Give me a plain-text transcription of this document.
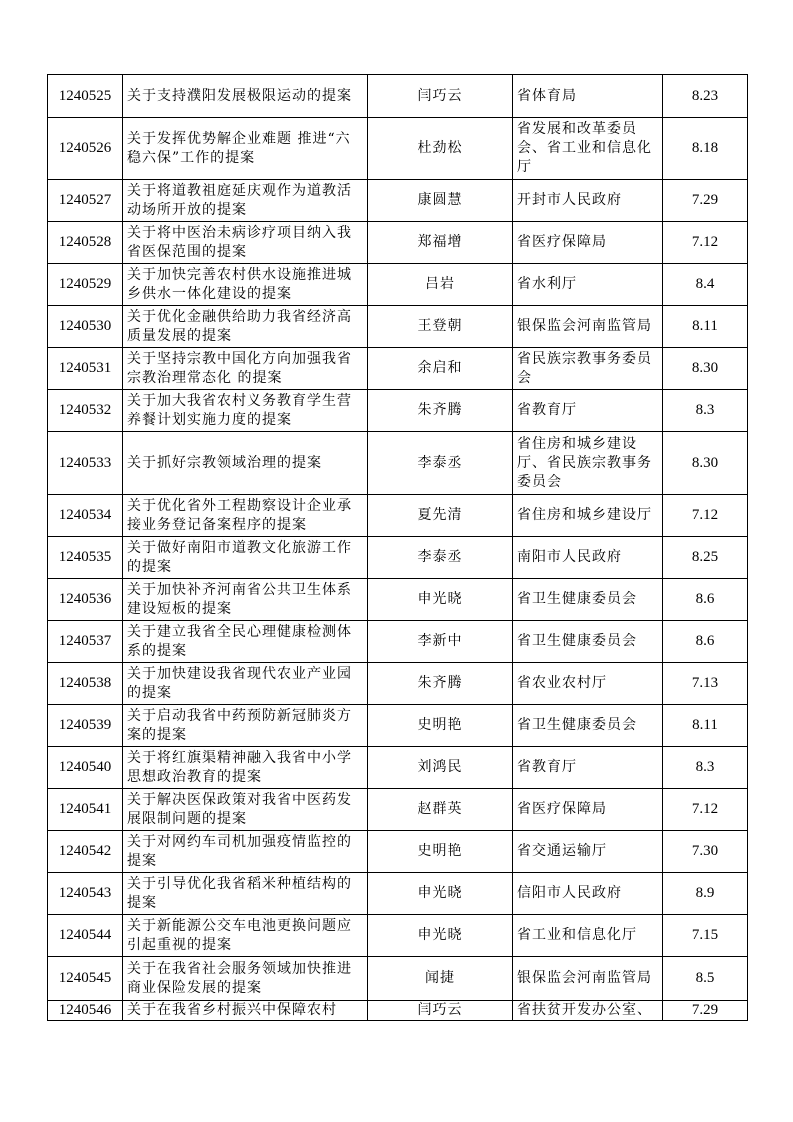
1240525	关于支持濮阳发展极限运动的提案	闫巧云	省体育局	8.23
1240526	关于发挥优势解企业难题 推进“六稳六保”工作的提案	杜劲松	省发展和改革委员会、省工业和信息化厅	8.18
1240527	关于将道教祖庭延庆观作为道教活动场所开放的提案	康圆慧	开封市人民政府	7.29
1240528	关于将中医治未病诊疗项目纳入我省医保范围的提案	郑福增	省医疗保障局	7.12
1240529	关于加快完善农村供水设施推进城乡供水一体化建设的提案	吕岩	省水利厅	8.4
1240530	关于优化金融供给助力我省经济高质量发展的提案	王登朝	银保监会河南监管局	8.11
1240531	关于坚持宗教中国化方向加强我省宗教治理常态化 的提案	余启和	省民族宗教事务委员会	8.30
1240532	关于加大我省农村义务教育学生营养餐计划实施力度的提案	朱齐腾	省教育厅	8.3
1240533	关于抓好宗教领域治理的提案	李泰丞	省住房和城乡建设厅、省民族宗教事务委员会	8.30
1240534	关于优化省外工程勘察设计企业承接业务登记备案程序的提案	夏先清	省住房和城乡建设厅	7.12
1240535	关于做好南阳市道教文化旅游工作的提案	李泰丞	南阳市人民政府	8.25
1240536	关于加快补齐河南省公共卫生体系建设短板的提案	申光晓	省卫生健康委员会	8.6
1240537	关于建立我省全民心理健康检测体系的提案	李新中	省卫生健康委员会	8.6
1240538	关于加快建设我省现代农业产业园的提案	朱齐腾	省农业农村厅	7.13
1240539	关于启动我省中药预防新冠肺炎方案的提案	史明艳	省卫生健康委员会	8.11
1240540	关于将红旗渠精神融入我省中小学思想政治教育的提案	刘鸿民	省教育厅	8.3
1240541	关于解决医保政策对我省中医药发展限制问题的提案	赵群英	省医疗保障局	7.12
1240542	关于对网约车司机加强疫情监控的提案	史明艳	省交通运输厅	7.30
1240543	关于引导优化我省稻米种植结构的提案	申光晓	信阳市人民政府	8.9
1240544	关于新能源公交车电池更换问题应引起重视的提案	申光晓	省工业和信息化厅	7.15
1240545	关于在我省社会服务领域加快推进商业保险发展的提案	闻捷	银保监会河南监管局	8.5
1240546	关于在我省乡村振兴中保障农村	闫巧云	省扶贫开发办公室、	7.29
